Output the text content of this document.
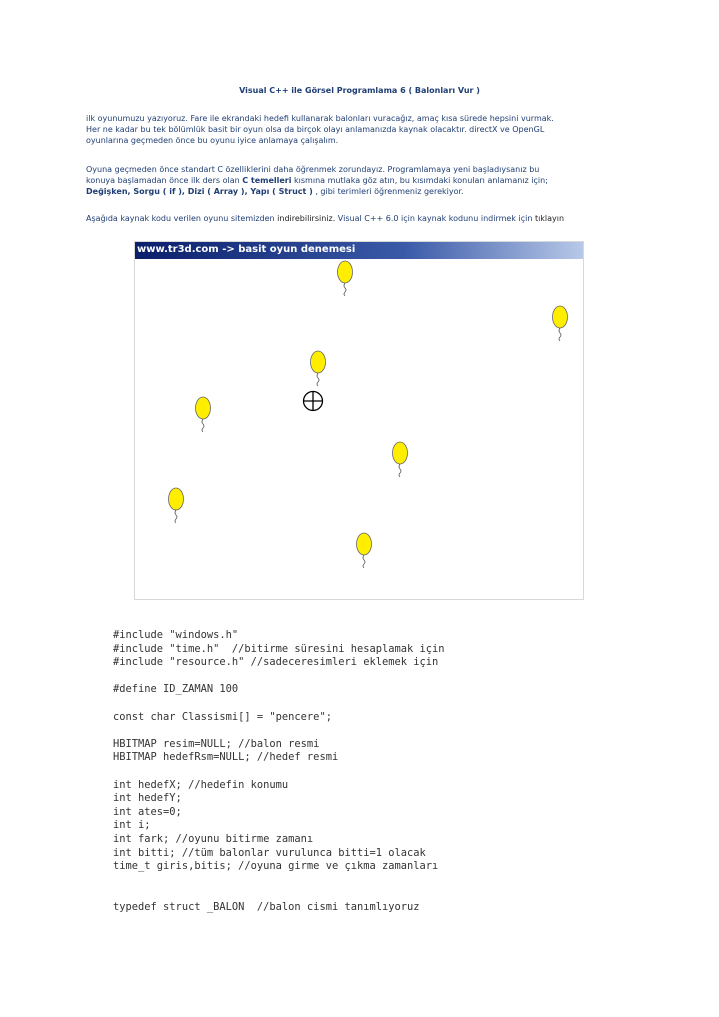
Visual C++ ile Görsel Programlama 6 ( Balonları Vur )
ilk oyunumuzu yazıyoruz. Fare ile ekrandaki hedefi kullanarak balonları vuracağız, amaç kısa sürede hepsini vurmak.
Her ne kadar bu tek bölümlük basit bir oyun olsa da birçok olayı anlamanızda kaynak olacaktır. directX ve OpenGL
oyunlarına geçmeden önce bu oyunu iyice anlamaya çalışalım.
Oyuna geçmeden önce standart C özelliklerini daha öğrenmek zorundayız. Programlamaya yeni başladıysanız bu
konuya başlamadan önce ilk ders olan C temelleri kısmına mutlaka göz atın, bu kısımdaki konuları anlamanız için;
Değişken, Sorgu ( if ), Dizi ( Array ), Yapı ( Struct ) , gibi terimleri öğrenmeniz gerekiyor.
Aşağıda kaynak kodu verilen oyunu sitemizden indirebilirsiniz. Visual C++ 6.0 için kaynak kodunu indirmek için tıklayın
www.tr3d.com -> basit oyun denemesi
#include "windows.h"
#include "time.h"  //bitirme süresini hesaplamak için
#include "resource.h" //sadeceresimleri eklemek için

#define ID_ZAMAN 100

const char Classismi[] = "pencere";

HBITMAP resim=NULL; //balon resmi
HBITMAP hedefRsm=NULL; //hedef resmi

int hedefX; //hedefin konumu
int hedefY;
int ates=0;
int i;
int fark; //oyunu bitirme zamanı
int bitti; //tüm balonlar vurulunca bitti=1 olacak
time_t giris,bitis; //oyuna girme ve çıkma zamanları

typedef struct _BALON  //balon cismi tanımlıyoruz
